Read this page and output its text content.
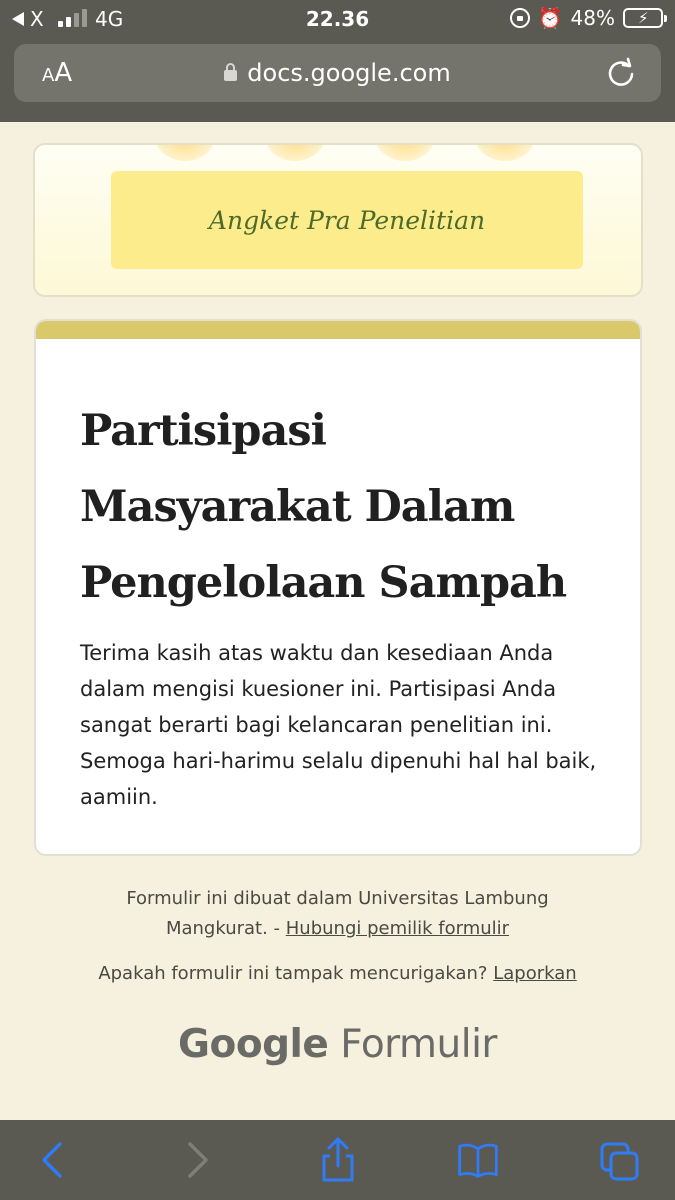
X	4G	22.36	⏰ 48% ⚡
AA	docs.google.com
Angket Pra Penelitian
Partisipasi Masyarakat Dalam Pengelolaan Sampah

Terima kasih atas waktu dan kesediaan Anda dalam mengisi kuesioner ini. Partisipasi Anda sangat berarti bagi kelancaran penelitian ini. Semoga hari-harimu selalu dipenuhi hal hal baik, aamiin.

Formulir ini dibuat dalam Universitas Lambung Mangkurat. - Hubungi pemilik formulir
Apakah formulir ini tampak mencurigakan? Laporkan
Google Formulir
